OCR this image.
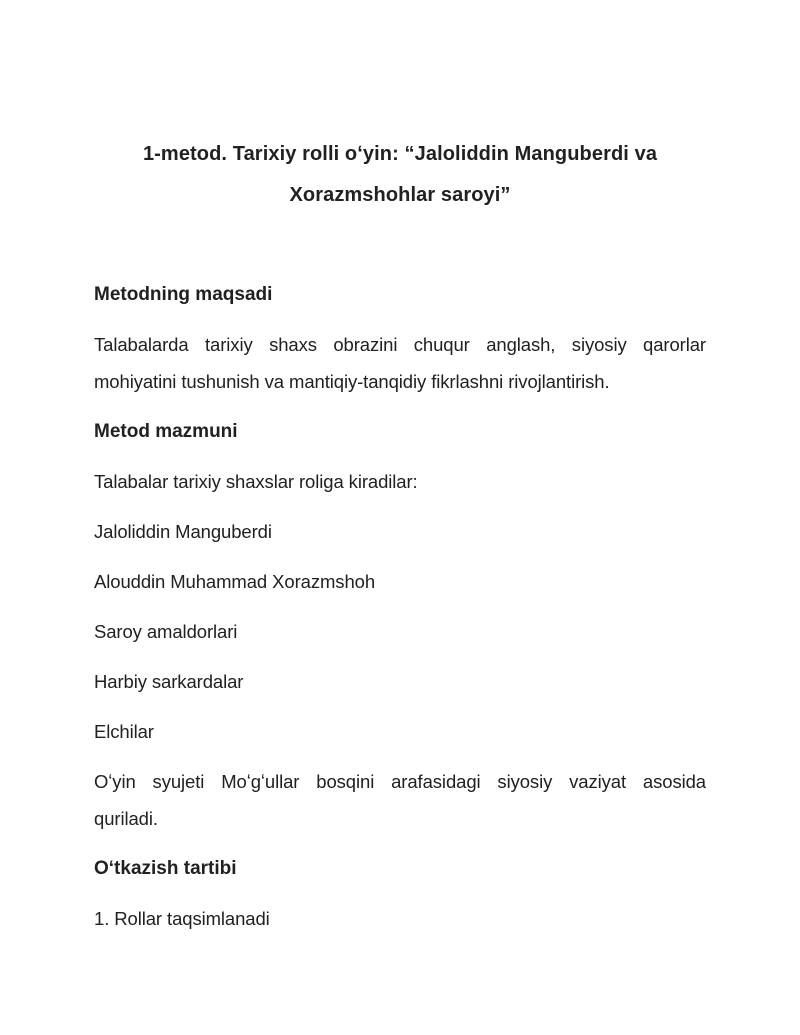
1-metod. Tarixiy rolli oʻyin: “Jaloliddin Manguberdi va
Xorazmshohlar saroyi”
Metodning maqsadi
Talabalarda tarixiy shaxs obrazini chuqur anglash, siyosiy qarorlar
mohiyatini tushunish va mantiqiy-tanqidiy fikrlashni rivojlantirish.
Metod mazmuni
Talabalar tarixiy shaxslar roliga kiradilar:
Jaloliddin Manguberdi
Alouddin Muhammad Xorazmshoh
Saroy amaldorlari
Harbiy sarkardalar
Elchilar
Oʻyin syujeti Moʻgʻullar bosqini arafasidagi siyosiy vaziyat asosida
quriladi.
Oʻtkazish tartibi
1. Rollar taqsimlanadi
